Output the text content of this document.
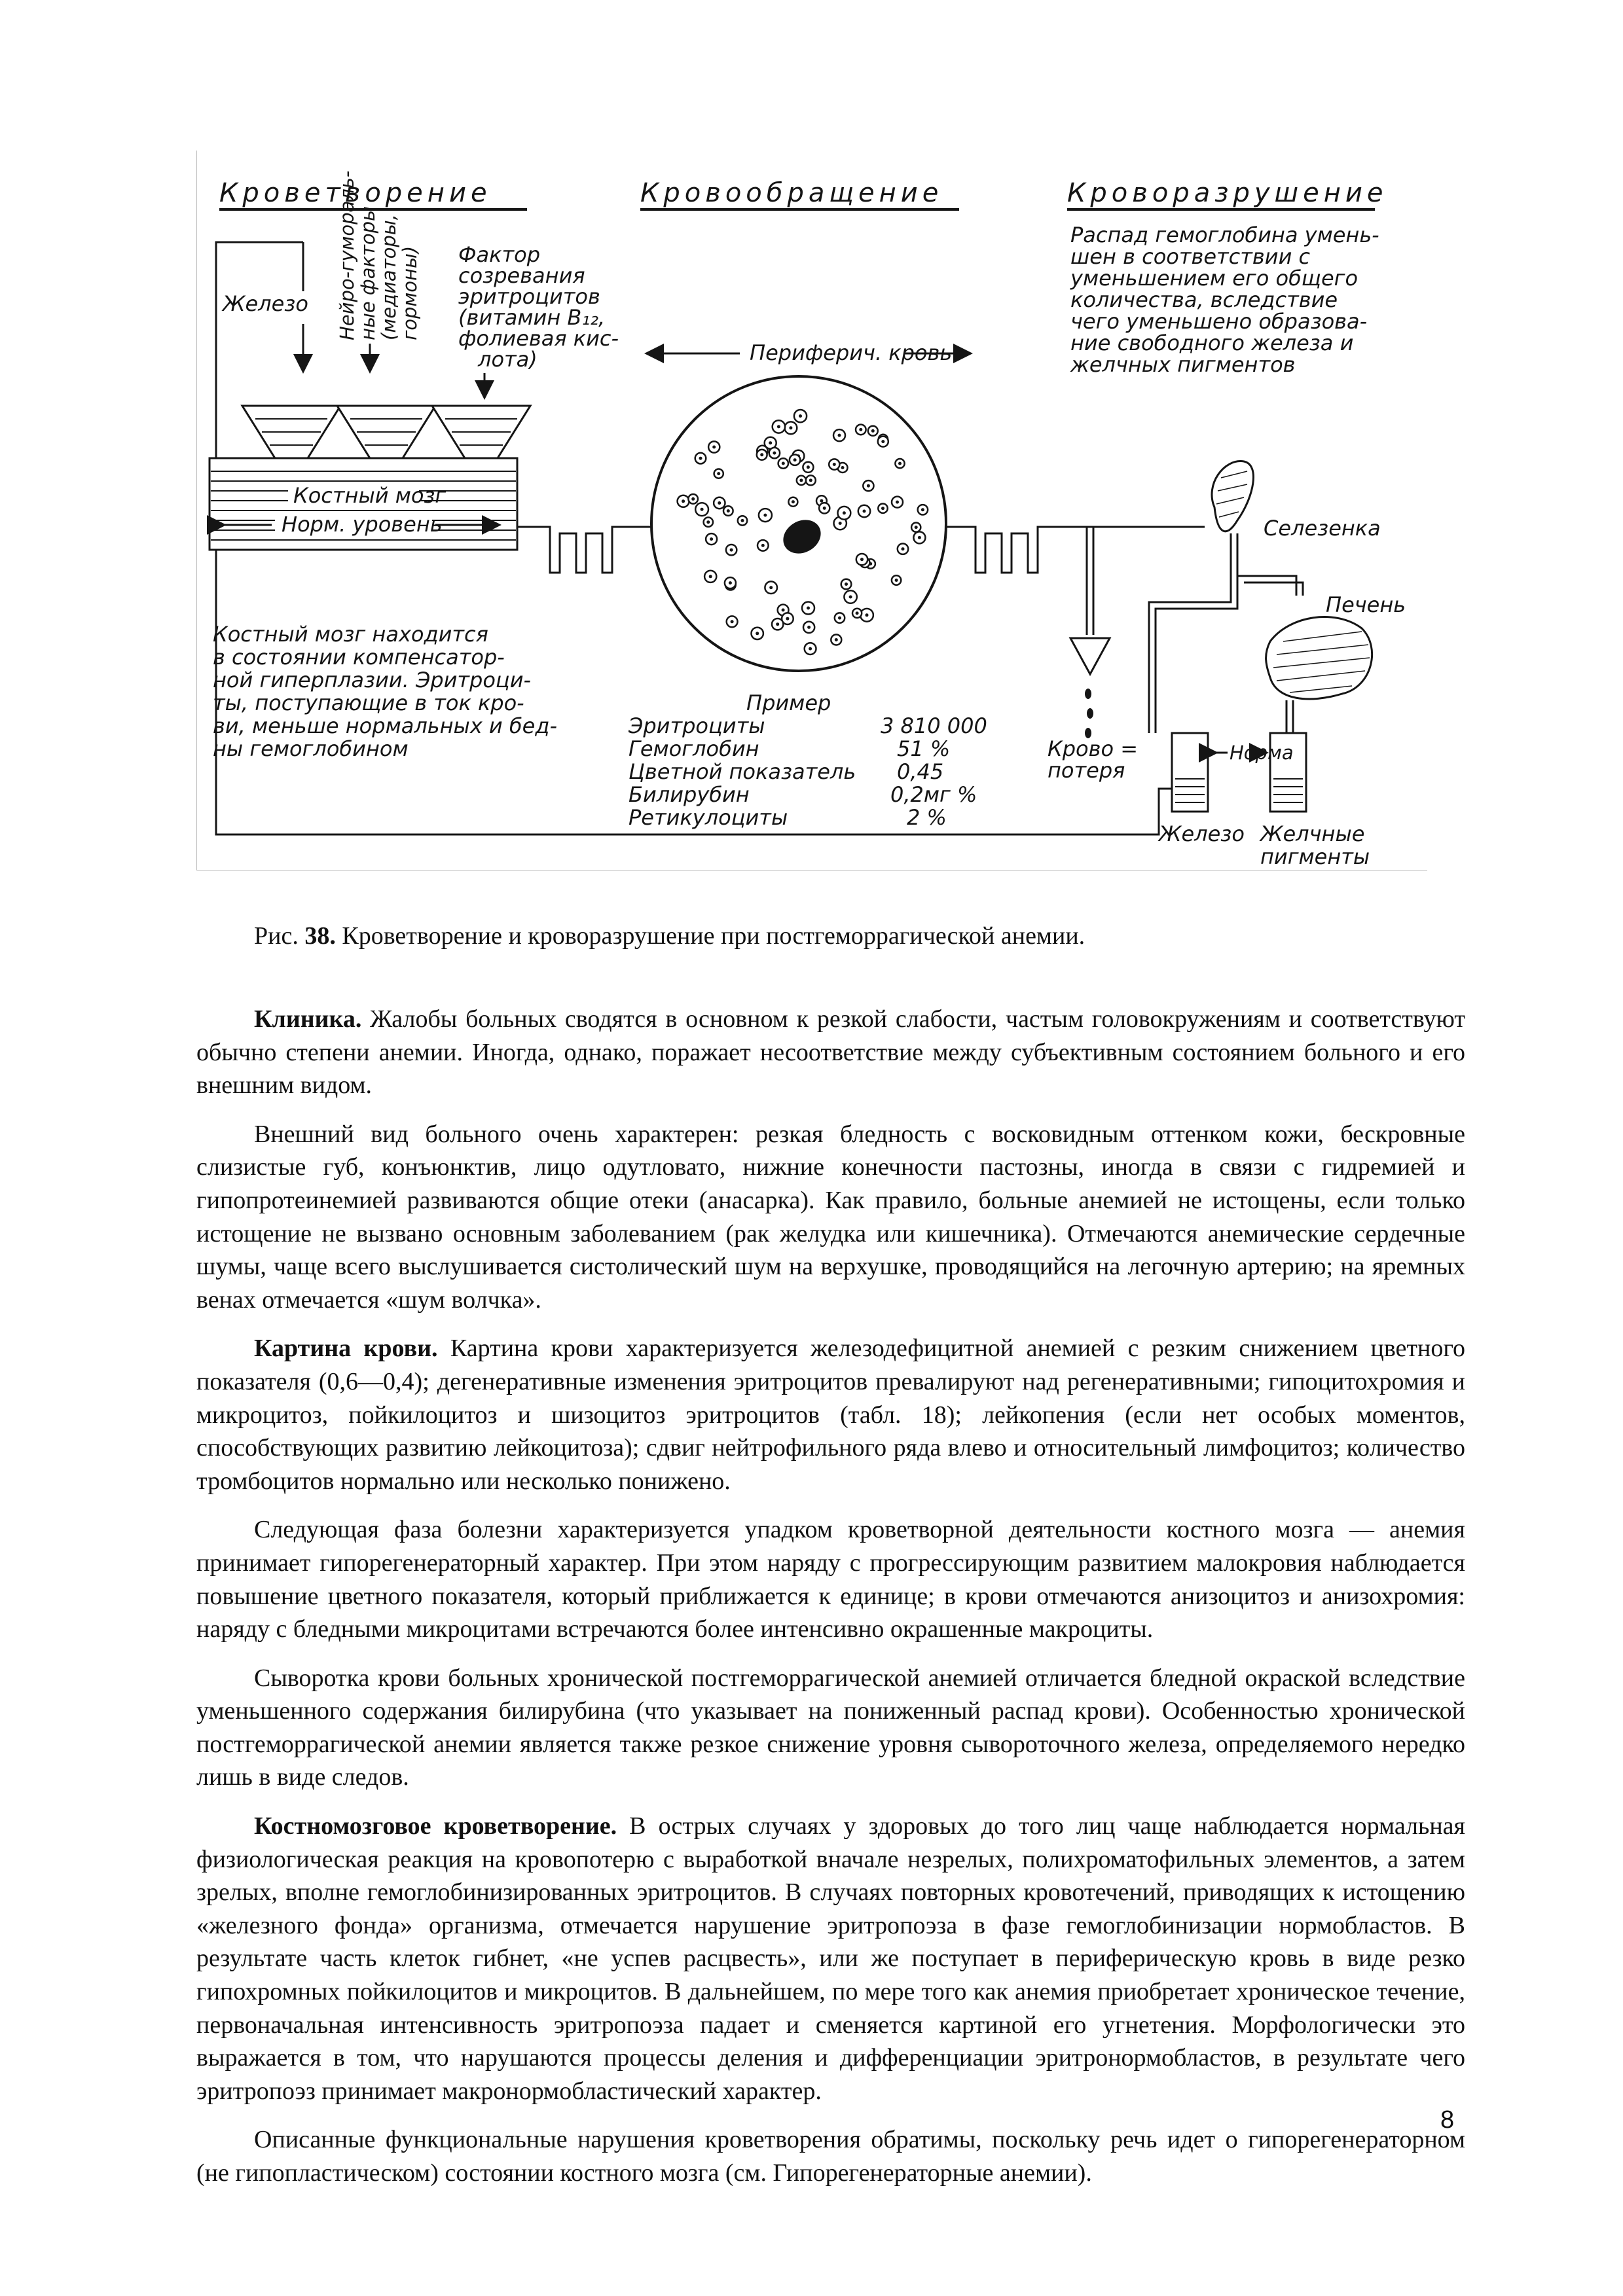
Кроветворение	Кровообращение	Кроворазрушение
Железо Нейро-гумораль-
ные факторы
(медиаторы,
гормоны) Фактор
созревания
эритроцитов
(витамин B₁₂,
фолиевая кис-
лота)
Костный мозг
Норм. уровень
Периферич. кровь
Распад гемоглобина умень-
шен в соответствии с
уменьшением его общего
количества, вследствие
чего уменьшено образова-
ние свободного железа и
желчных пигментов
Крово =
потеря
Селезенка
Печень
Норма
Железо Желчные
пигменты
Костный мозг находится
в состоянии компенсатор-
ной гиперплазии. Эритроци-
ты, поступающие в ток кро-
ви, меньше нормальных и бед-
ны гемоглобином
Пример
Эритроциты	3 810 000
Гемоглобин	51 %
Цветной показатель 0,45
Билирубин	0,2мг %
Ретикулоциты	2 %
Рис. 38. Кроветворение и кроворазрушение при постгеморрагической анемии.

Клиника. Жалобы больных сводятся в основном к резкой слабости, частым головокружениям и соответствуют обычно степени анемии. Иногда, однако, поражает несоответствие между субъективным состоянием больного и его внешним видом.

Внешний вид больного очень характерен: резкая бледность с восковидным оттенком кожи, бескровные слизистые губ, конъюнктив, лицо одутловато, нижние конечности пастозны, иногда в связи с гидремией и гипопротеинемией развиваются общие отеки (анасарка). Как правило, больные анемией не истощены, если только истощение не вызвано основным заболеванием (рак желудка или кишечника). Отмечаются анемические сердечные шумы, чаще всего выслушивается систолический шум на верхушке, проводящийся на легочную артерию; на яремных венах отмечается «шум волчка».

Картина крови. Картина крови характеризуется железодефицитной анемией с резким снижением цветного показателя (0,6—0,4); дегенеративные изменения эритроцитов превалируют над регенеративными; гипоцитохромия и микроцитоз, пойкилоцитоз и шизоцитоз эритроцитов (табл. 18); лейкопения (если нет особых моментов, способствующих развитию лейкоцитоза); сдвиг нейтрофильного ряда влево и относительный лимфоцитоз; количество тромбоцитов нормально или несколько понижено.

Следующая фаза болезни характеризуется упадком кроветворной деятельности костного мозга — анемия принимает гипорегенераторный характер. При этом наряду с прогрессирующим развитием малокровия наблюдается повышение цветного показателя, который приближается к единице; в крови отмечаются анизоцитоз и анизохромия: наряду с бледными микроцитами встречаются более интенсивно окрашенные макроциты.

Сыворотка крови больных хронической постгеморрагической анемией отличается бледной окраской вследствие уменьшенного содержания билирубина (что указывает на пониженный распад крови). Особенностью хронической постгеморрагической анемии является также резкое снижение уровня сывороточного железа, определяемого нередко лишь в виде следов.

Костномозговое кроветворение. В острых случаях у здоровых до того лиц чаще наблюдается нормальная физиологическая реакция на кровопотерю с выработкой вначале незрелых, полихроматофильных элементов, а затем зрелых, вполне гемоглобинизированных эритроцитов. В случаях повторных кровотечений, приводящих к истощению «железного фонда» организма, отмечается нарушение эритропоэза в фазе гемоглобинизации нормобластов. В результате часть клеток гибнет, «не успев расцвесть», или же поступает в периферическую кровь в виде резко гипохромных пойкилоцитов и микроцитов. В дальнейшем, по мере того как анемия приобретает хроническое течение, первоначальная интенсивность эритропоэза падает и сменяется картиной его угнетения. Морфологически это выражается в том, что нарушаются процессы деления и дифференциации эритронормобластов, в результате чего эритропоэз принимает макронормобластический характер.

Описанные функциональные нарушения кроветворения обратимы, поскольку речь идет о гипорегенераторном (не гипопластическом) состоянии костного мозга (см. Гипорегенераторные анемии).

8
